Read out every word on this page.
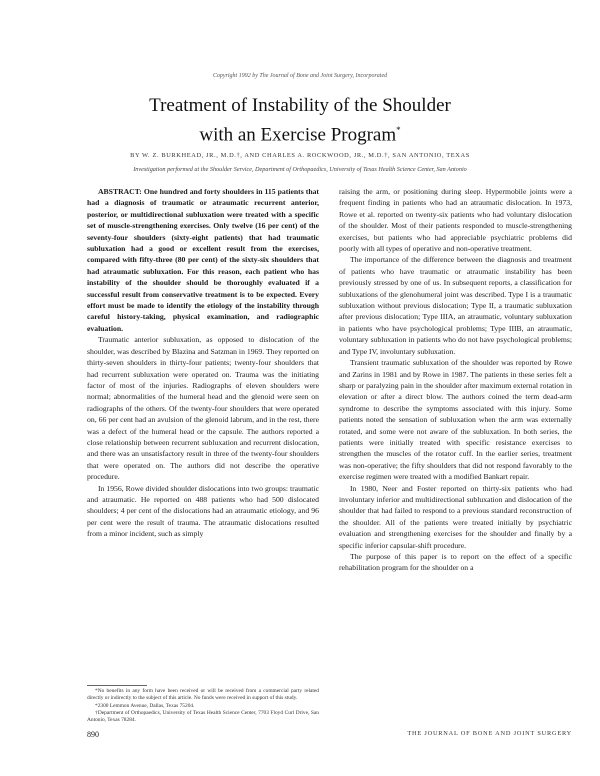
Copyright 1992 by The Journal of Bone and Joint Surgery, Incorporated
Treatment of Instability of the Shoulder
with an Exercise Program*
BY W. Z. BURKHEAD, JR., M.D.†, AND CHARLES A. ROCKWOOD, JR., M.D.†, SAN ANTONIO, TEXAS
Investigation performed at the Shoulder Service, Department of Orthopaedics, University of Texas Health Science Center, San Antonio

ABSTRACT: One hundred and forty shoulders in 115 patients that had a diagnosis of traumatic or atraumatic recurrent anterior, posterior, or multidirectional subluxation were treated with a specific set of muscle-strengthening exercises. Only twelve (16 per cent) of the seventy-four shoulders (sixty-eight patients) that had traumatic subluxation had a good or excellent result from the exercises, compared with fifty-three (80 per cent) of the sixty-six shoulders that had atraumatic subluxation. For this reason, each patient who has instability of the shoulder should be thoroughly evaluated if a successful result from conservative treatment is to be expected. Every effort must be made to identify the etiology of the instability through careful history-taking, physical examination, and radiographic evaluation.

Traumatic anterior subluxation, as opposed to dislocation of the shoulder, was described by Blazina and Satzman in 1969. They reported on thirty-seven shoulders in thirty-four patients; twenty-four shoulders that had recurrent subluxation were operated on. Trauma was the initiating factor of most of the injuries. Radiographs of eleven shoulders were normal; abnormalities of the humeral head and the glenoid were seen on radiographs of the others. Of the twenty-four shoulders that were operated on, 66 per cent had an avulsion of the glenoid labrum, and in the rest, there was a defect of the humeral head or the capsule. The authors reported a close relationship between recurrent subluxation and recurrent dislocation, and there was an unsatisfactory result in three of the twenty-four shoulders that were operated on. The authors did not describe the operative procedure.

In 1956, Rowe divided shoulder dislocations into two groups: traumatic and atraumatic. He reported on 488 patients who had 500 dislocated shoulders; 4 per cent of the dislocations had an atraumatic etiology, and 96 per cent were the result of trauma. The atraumatic dislocations resulted from a minor incident, such as simply

raising the arm, or positioning during sleep. Hypermobile joints were a frequent finding in patients who had an atraumatic dislocation. In 1973, Rowe et al. reported on twenty-six patients who had voluntary dislocation of the shoulder. Most of their patients responded to muscle-strengthening exercises, but patients who had appreciable psychiatric problems did poorly with all types of operative and non-operative treatment.

The importance of the difference between the diagnosis and treatment of patients who have traumatic or atraumatic instability has been previously stressed by one of us. In subsequent reports, a classification for subluxations of the glenohumeral joint was described. Type I is a traumatic subluxation without previous dislocation; Type II, a traumatic subluxation after previous dislocation; Type IIIA, an atraumatic, voluntary subluxation in patients who have psychological problems; Type IIIB, an atraumatic, voluntary subluxation in patients who do not have psychological problems; and Type IV, involuntary subluxation.

Transient traumatic subluxation of the shoulder was reported by Rowe and Zarins in 1981 and by Rowe in 1987. The patients in these series felt a sharp or paralyzing pain in the shoulder after maximum external rotation in elevation or after a direct blow. The authors coined the term dead-arm syndrome to describe the symptoms associated with this injury. Some patients noted the sensation of subluxation when the arm was externally rotated, and some were not aware of the subluxation. In both series, the patients were initially treated with specific resistance exercises to strengthen the muscles of the rotator cuff. In the earlier series, treatment was non-operative; the fifty shoulders that did not respond favorably to the exercise regimen were treated with a modified Bankart repair.

In 1980, Neer and Foster reported on thirty-six patients who had involuntary inferior and multidirectional subluxation and dislocation of the shoulder that had failed to respond to a previous standard reconstruction of the shoulder. All of the patients were treated initially by psychiatric evaluation and strengthening exercises for the shoulder and finally by a specific inferior capsular-shift procedure.

The purpose of this paper is to report on the effect of a specific rehabilitation program for the shoulder on a

*No benefits in any form have been received or will be received from a commercial party related directly or indirectly to the subject of this article. No funds were received in support of this study.

*2300 Lemmon Avenue, Dallas, Texas 75204.

†Department of Orthopaedics, University of Texas Health Science Center, 7703 Floyd Curl Drive, San Antonio, Texas 78284.

890	THE JOURNAL OF BONE AND JOINT SURGERY
